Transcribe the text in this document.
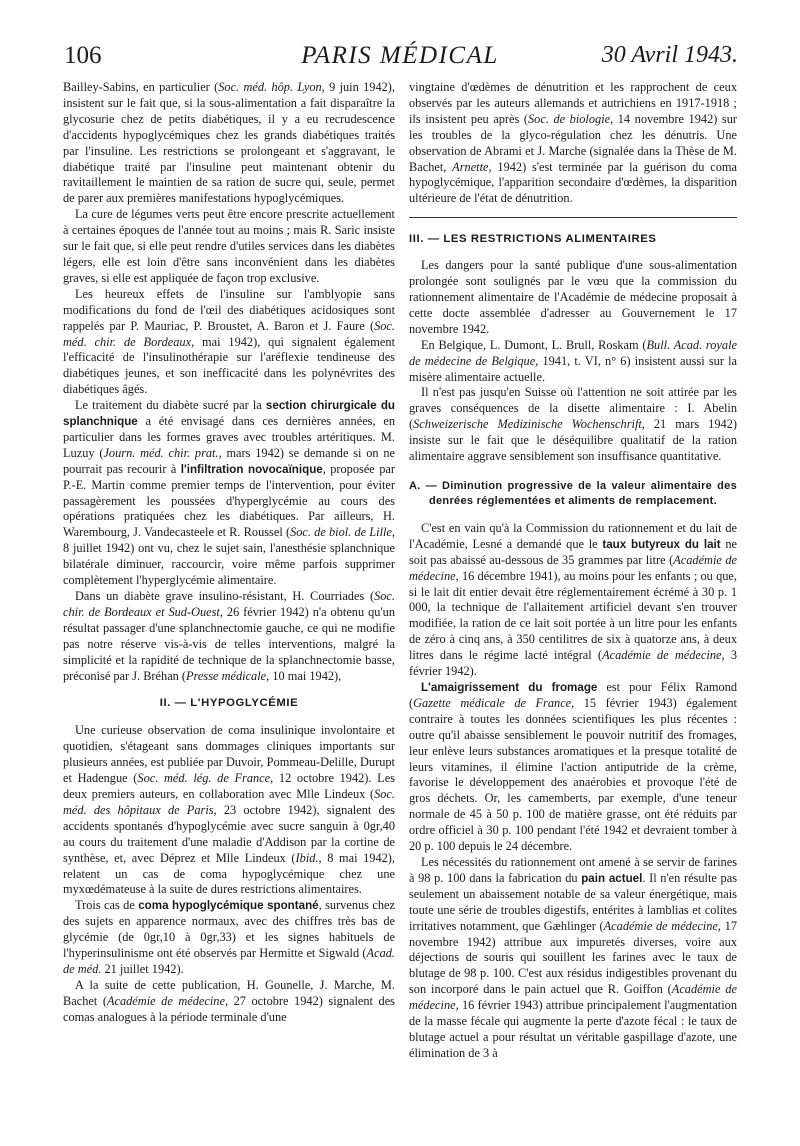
106	PARIS MÉDICAL	30 Avril 1943.

Bailley-Sabins, en particulier (Soc. méd. hôp. Lyon, 9 juin 1942), insistent sur le fait que, si la sous-alimentation a fait disparaître la glycosurie chez de petits diabétiques, il y a eu recrudescence d'accidents hypoglycémiques chez les grands diabétiques traités par l'insuline. Les restrictions se prolongeant et s'aggravant, le diabétique traité par l'insuline peut maintenant obtenir du ravitaillement le maintien de sa ration de sucre qui, seule, permet de parer aux premières manifestations hypoglycémiques.

La cure de légumes verts peut être encore prescrite actuellement à certaines époques de l'année tout au moins ; mais R. Saric insiste sur le fait que, si elle peut rendre d'utiles services dans les diabètes légers, elle est loin d'être sans inconvénient dans les diabètes graves, si elle est appliquée de façon trop exclusive.

Les heureux effets de l'insuline sur l'amblyopie sans modifications du fond de l'œil des diabétiques acidosiques sont rappelés par P. Mauriac, P. Broustet, A. Baron et J. Faure (Soc. méd. chir. de Bordeaux, mai 1942), qui signalent également l'efficacité de l'insulinothérapie sur l'aréflexie tendineuse des diabétiques jeunes, et son inefficacité dans les polynévrites des diabétiques âgés.

Le traitement du diabète sucré par la section chirurgicale du splanchnique a été envisagé dans ces dernières années, en particulier dans les formes graves avec troubles artéritiques. M. Luzuy (Journ. méd. chir. prat., mars 1942) se demande si on ne pourrait pas recourir à l'infiltration novocaïnique, proposée par P.-E. Martin comme premier temps de l'intervention, pour éviter passagèrement les poussées d'hyperglycémie au cours des opérations pratiquées chez les diabétiques. Par ailleurs, H. Warembourg, J. Vandecasteele et R. Roussel (Soc. de biol. de Lille, 8 juillet 1942) ont vu, chez le sujet sain, l'anesthésie splanchnique bilatérale diminuer, raccourcir, voire même parfois supprimer complètement l'hyperglycémie alimentaire.

Dans un diabète grave insulino-résistant, H. Courriades (Soc. chir. de Bordeaux et Sud-Ouest, 26 février 1942) n'a obtenu qu'un résultat passager d'une splanchnectomie gauche, ce qui ne modifie pas notre réserve vis-à-vis de telles interventions, malgré la simplicité et la rapidité de technique de la splanchnectomie basse, préconisé par J. Bréhan (Presse médicale, 10 mai 1942),

II. — L'HYPOGLYCÉMIE

Une curieuse observation de coma insulinique involontaire et quotidien, s'étageant sans dommages cliniques importants sur plusieurs années, est publiée par Duvoir, Pommeau-Delille, Durupt et Hadengue (Soc. méd. lég. de France, 12 octobre 1942). Les deux premiers auteurs, en collaboration avec Mlle Lindeux (Soc. méd. des hôpitaux de Paris, 23 octobre 1942), signalent des accidents spontanés d'hypoglycémie avec sucre sanguin à 0gr,40 au cours du traitement d'une maladie d'Addison par la cortine de synthèse, et, avec Déprez et Mlle Lindeux (Ibid., 8 mai 1942), relatent un cas de coma hypoglycémique chez une myxœdémateuse à la suite de dures restrictions alimentaires.

Trois cas de coma hypoglycémique spontané, survenus chez des sujets en apparence normaux, avec des chiffres très bas de glycémie (de 0gr,10 à 0gr,33) et les signes habituels de l'hyperinsulinisme ont été observés par Hermitte et Sigwald (Acad. de méd. 21 juillet 1942).

A la suite de cette publication, H. Gounelle, J. Marche, M. Bachet (Académie de médecine, 27 octobre 1942) signalent des comas analogues à la période terminale d'une

vingtaine d'œdèmes de dénutrition et les rapprochent de ceux observés par les auteurs allemands et autrichiens en 1917-1918 ; ils insistent peu après (Soc. de biologie, 14 novembre 1942) sur les troubles de la glyco-régulation chez les dénutris. Une observation de Abrami et J. Marche (signalée dans la Thèse de M. Bachet, Arnette, 1942) s'est terminée par la guérison du coma hypoglycémique, l'apparition secondaire d'œdèmes, la disparition ultérieure de l'état de dénutrition.

III. — LES RESTRICTIONS ALIMENTAIRES

Les dangers pour la santé publique d'une sous-alimentation prolongée sont soulignés par le vœu que la commission du rationnement alimentaire de l'Académie de médecine proposait à cette docte assemblée d'adresser au Gouvernement le 17 novembre 1942.

En Belgique, L. Dumont, L. Brull, Roskam (Bull. Acad. royale de médecine de Belgique, 1941, t. VI, n° 6) insistent aussi sur la misère alimentaire actuelle.

Il n'est pas jusqu'en Suisse où l'attention ne soit attirée par les graves conséquences de la disette alimentaire : I. Abelin (Schweizerische Medizinische Wochenschrift, 21 mars 1942) insiste sur le fait que le déséquilibre qualitatif de la ration alimentaire aggrave sensiblement son insuffisance quantitative.

A. — Diminution progressive de la valeur alimentaire des denrées réglementées et aliments de remplacement.

C'est en vain qu'à la Commission du rationnement et du lait de l'Académie, Lesné a demandé que le taux butyreux du lait ne soit pas abaissé au-dessous de 35 grammes par litre (Académie de médecine, 16 décembre 1941), au moins pour les enfants ; ou que, si le lait dit entier devait être réglementairement écrémé à 30 p. 1 000, la technique de l'allaitement artificiel devant s'en trouver modifiée, la ration de ce lait soit portée à un litre pour les enfants de zéro à cinq ans, à 350 centilitres de six à quatorze ans, à deux litres dans le régime lacté intégral (Académie de médecine, 3 février 1942).

L'amaigrissement du fromage est pour Félix Ramond (Gazette médicale de France, 15 février 1943) également contraire à toutes les données scientifiques les plus récentes : outre qu'il abaisse sensiblement le pouvoir nutritif des fromages, leur enlève leurs substances aromatiques et la presque totalité de leurs vitamines, il élimine l'action antiputride de la crème, favorise le développement des anaérobies et provoque l'été de gros déchets. Or, les camemberts, par exemple, d'une teneur normale de 45 à 50 p. 100 de matière grasse, ont été réduits par ordre officiel à 30 p. 100 pendant l'été 1942 et devraient tomber à 20 p. 100 depuis le 24 décembre.

Les nécessités du rationnement ont amené à se servir de farines à 98 p. 100 dans la fabrication du pain actuel. Il n'en résulte pas seulement un abaissement notable de sa valeur énergétique, mais toute une série de troubles digestifs, entérites à lamblias et colites irritatives notamment, que Gæhlinger (Académie de médecine, 17 novembre 1942) attribue aux impuretés diverses, voire aux déjections de souris qui souillent les farines avec le taux de blutage de 98 p. 100. C'est aux résidus indigestibles provenant du son incorporé dans le pain actuel que R. Goiffon (Académie de médecine, 16 février 1943) attribue principalement l'augmentation de la masse fécale qui augmente la perte d'azote fécal : le taux de blutage actuel a pour résultat un véritable gaspillage d'azote, une élimination de 3 à
